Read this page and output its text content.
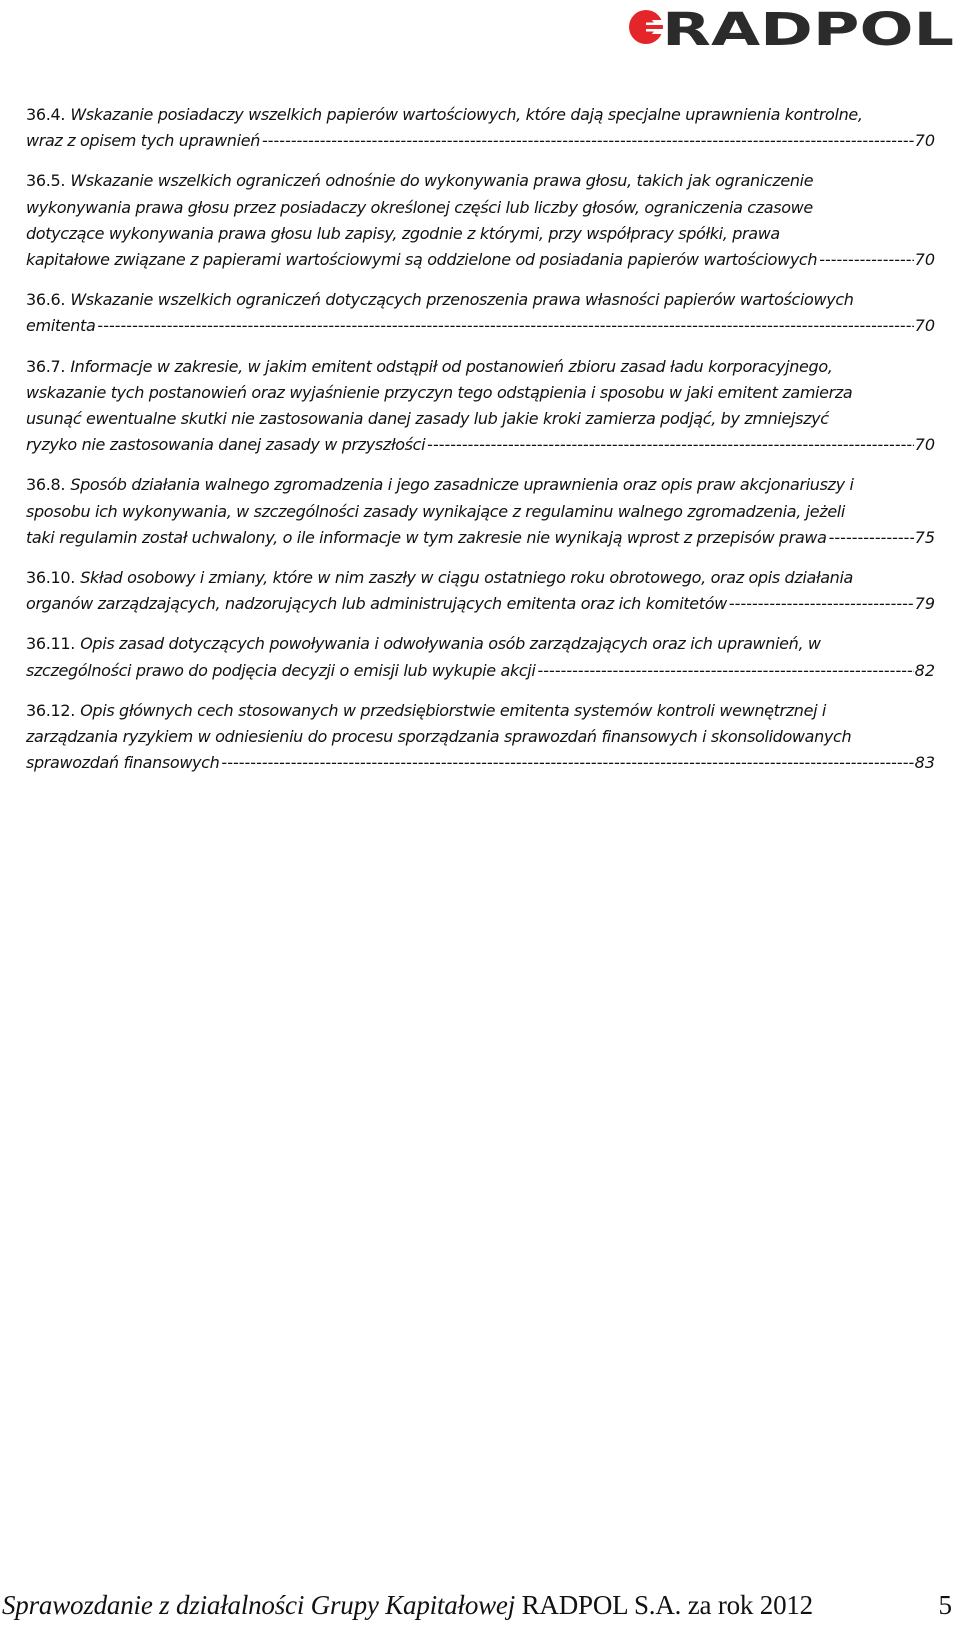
RADPOL
36.4. Wskazanie posiadaczy wszelkich papierów wartościowych, które dają specjalne uprawnienia kontrolne,
wraz z opisem tych uprawnień -----	70
36.5. Wskazanie wszelkich ograniczeń odnośnie do wykonywania prawa głosu, takich jak ograniczenie
wykonywania prawa głosu przez posiadaczy określonej części lub liczby głosów, ograniczenia czasowe
dotyczące wykonywania prawa głosu lub zapisy, zgodnie z którymi, przy współpracy spółki, prawa
kapitałowe związane z papierami wartościowymi są oddzielone od posiadania papierów wartościowych -----	70
36.6. Wskazanie wszelkich ograniczeń dotyczących przenoszenia prawa własności papierów wartościowych
emitenta -----	70
36.7. Informacje w zakresie, w jakim emitent odstąpił od postanowień zbioru zasad ładu korporacyjnego,
wskazanie tych postanowień oraz wyjaśnienie przyczyn tego odstąpienia i sposobu w jaki emitent zamierza
usunąć ewentualne skutki nie zastosowania danej zasady lub jakie kroki zamierza podjąć, by zmniejszyć
ryzyko nie zastosowania danej zasady w przyszłości -----	70
36.8. Sposób działania walnego zgromadzenia i jego zasadnicze uprawnienia oraz opis praw akcjonariuszy i
sposobu ich wykonywania, w szczególności zasady wynikające z regulaminu walnego zgromadzenia, jeżeli
taki regulamin został uchwalony, o ile informacje w tym zakresie nie wynikają wprost z przepisów prawa -----	75
36.10. Skład osobowy i zmiany, które w nim zaszły w ciągu ostatniego roku obrotowego, oraz opis działania
organów zarządzających, nadzorujących lub administrujących emitenta oraz ich komitetów -----	79
36.11. Opis zasad dotyczących powoływania i odwoływania osób zarządzających oraz ich uprawnień, w
szczególności prawo do podjęcia decyzji o emisji lub wykupie akcji -----	82
36.12. Opis głównych cech stosowanych w przedsiębiorstwie emitenta systemów kontroli wewnętrznej i
zarządzania ryzykiem w odniesieniu do procesu sporządzania sprawozdań finansowych i skonsolidowanych
sprawozdań finansowych -----	83
Sprawozdanie z działalności Grupy Kapitałowej RADPOL S.A. za rok 2012	5
